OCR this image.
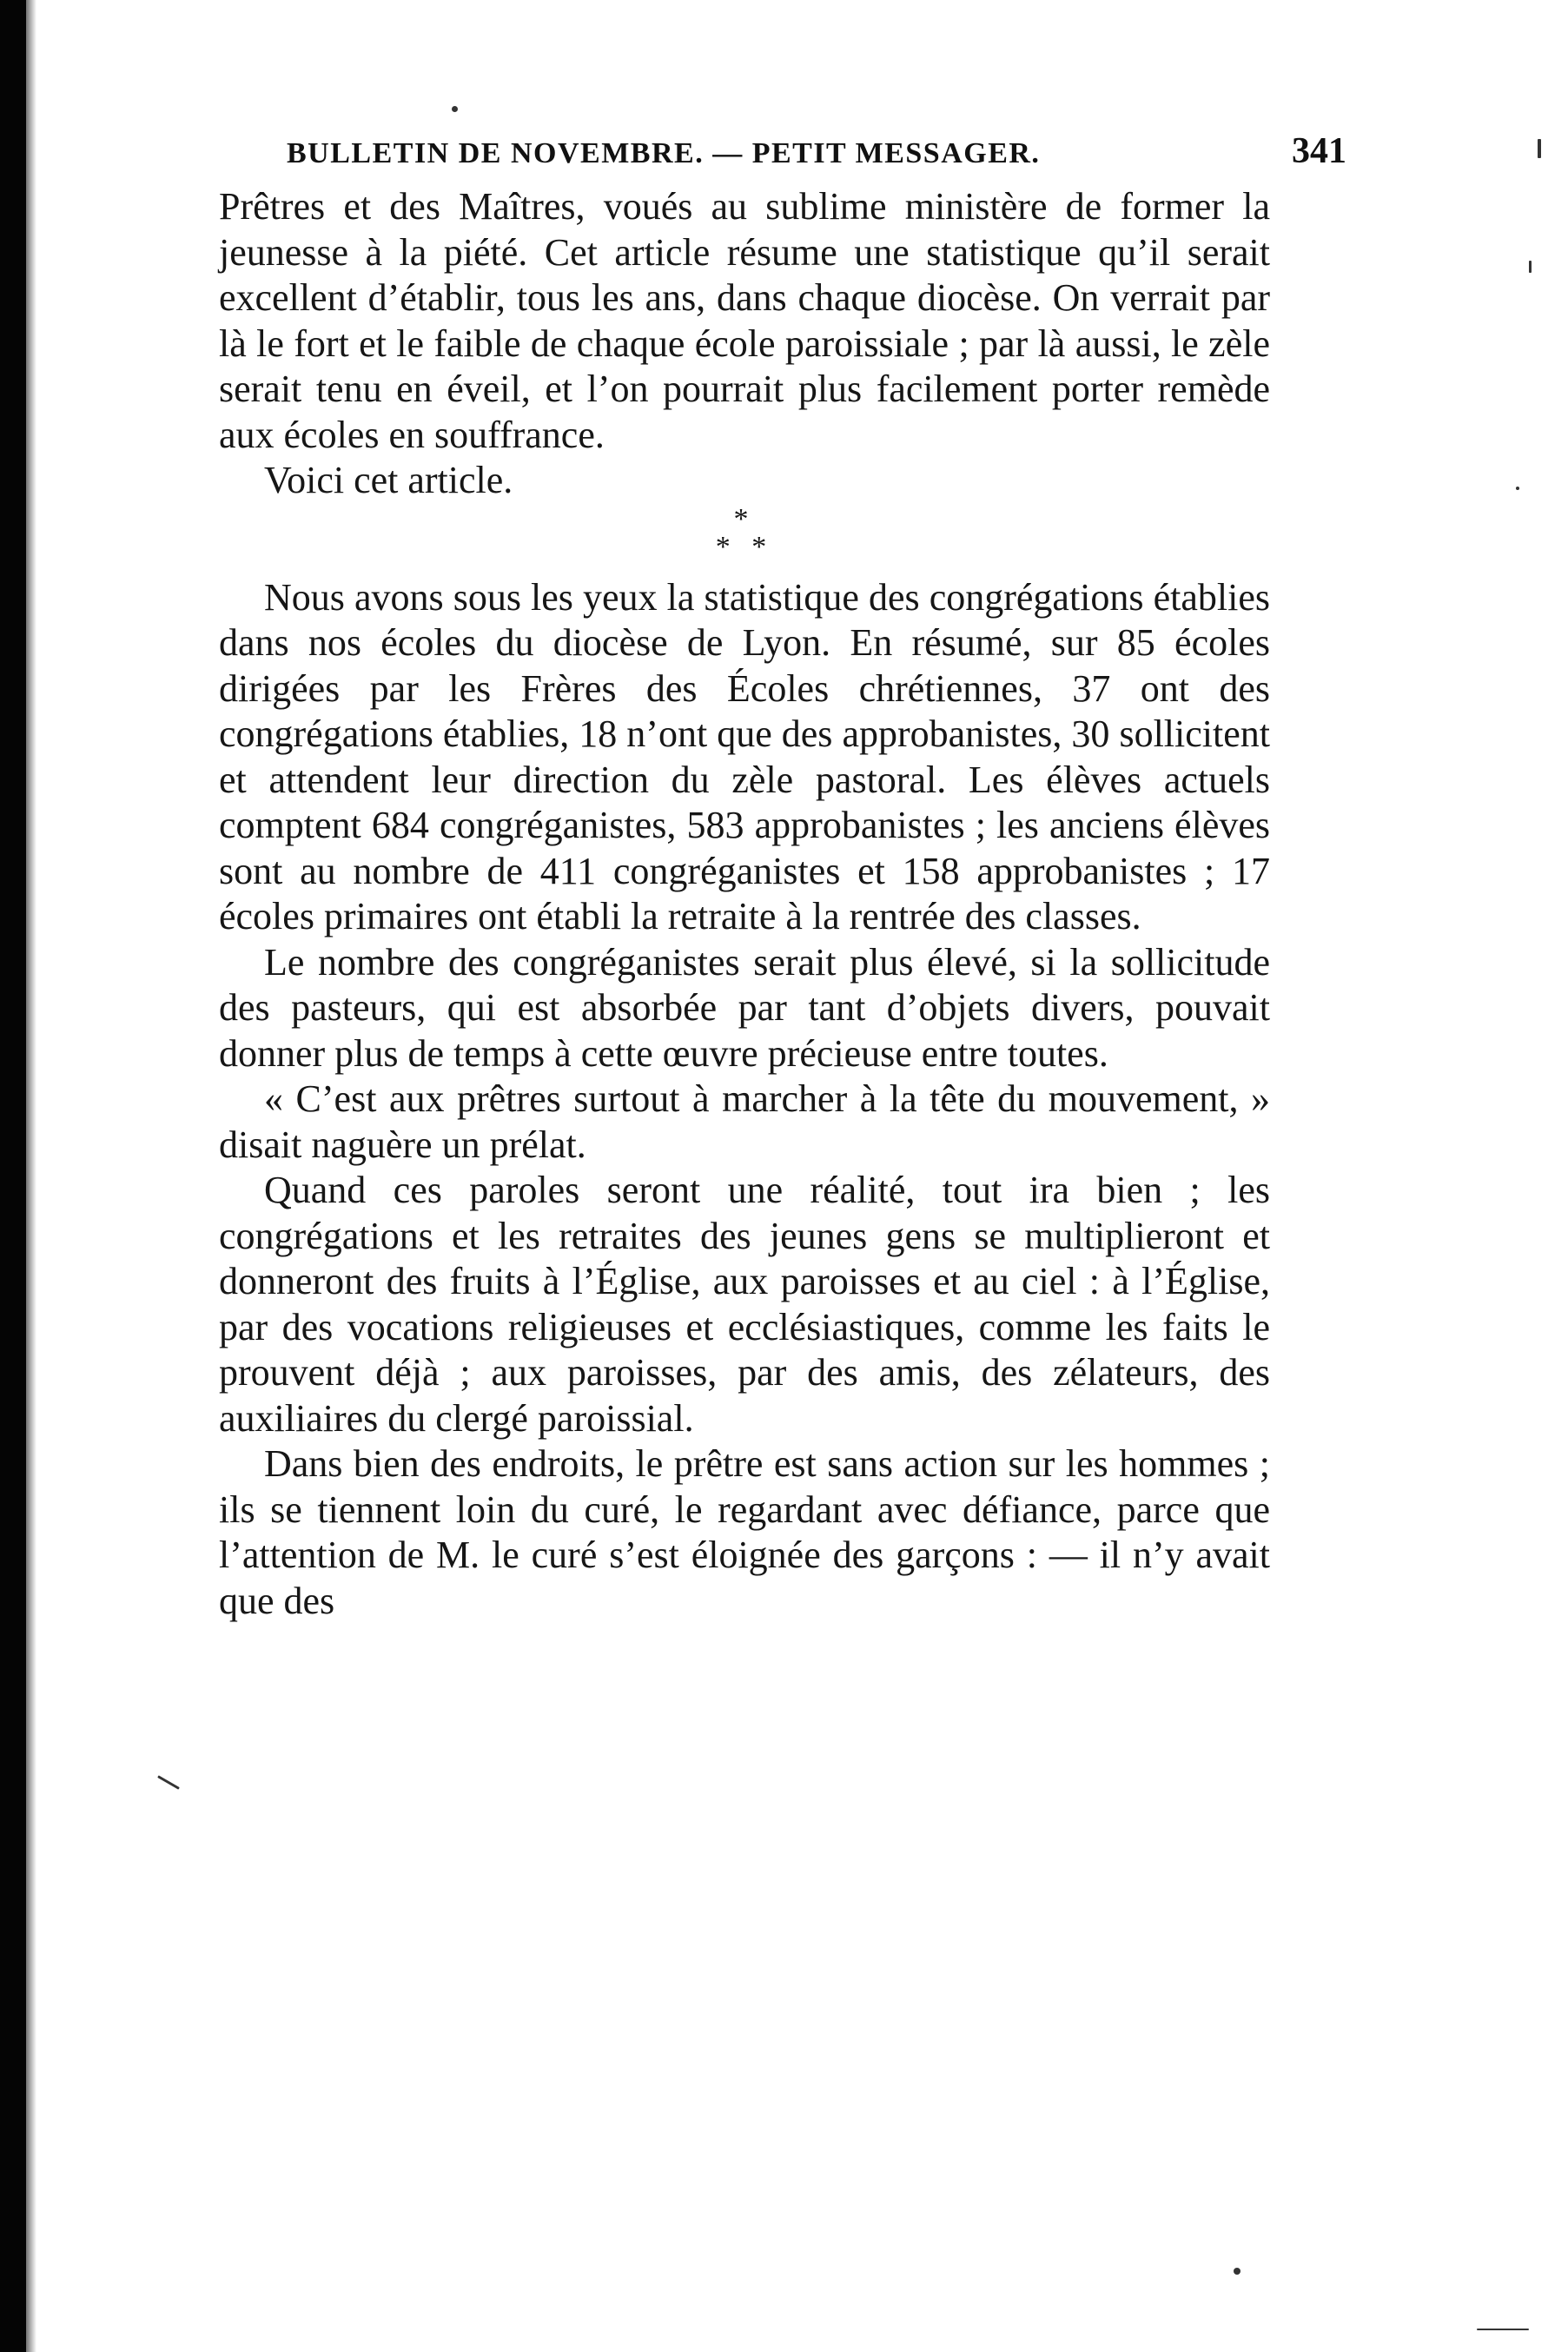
BULLETIN DE NOVEMBRE. — PETIT MESSAGER.	341

Prêtres et des Maîtres, voués au sublime ministère de former la jeunesse à la piété. Cet article résume une statistique qu’il serait excellent d’établir, tous les ans, dans chaque diocèse. On verrait par là le fort et le faible de chaque école paroissiale ; par là aussi, le zèle serait tenu en éveil, et l’on pourrait plus facilement porter remède aux écoles en souffrance.

Voici cet article.

*
* *

Nous avons sous les yeux la statistique des congrégations établies dans nos écoles du diocèse de Lyon. En résumé, sur 85 écoles dirigées par les Frères des Écoles chrétiennes, 37 ont des congrégations établies, 18 n’ont que des approbanistes, 30 sollicitent et attendent leur direction du zèle pastoral. Les élèves actuels comptent 684 congréganistes, 583 approbanistes ; les anciens élèves sont au nombre de 411 congréganistes et 158 approbanistes ; 17 écoles primaires ont établi la retraite à la rentrée des classes.

Le nombre des congréganistes serait plus élevé, si la sollicitude des pasteurs, qui est absorbée par tant d’objets divers, pouvait donner plus de temps à cette œuvre précieuse entre toutes.

« C’est aux prêtres surtout à marcher à la tête du mouvement, » disait naguère un prélat.

Quand ces paroles seront une réalité, tout ira bien ; les congrégations et les retraites des jeunes gens se multiplieront et donneront des fruits à l’Église, aux paroisses et au ciel : à l’Église, par des vocations religieuses et ecclésiastiques, comme les faits le prouvent déjà ; aux paroisses, par des amis, des zélateurs, des auxiliaires du clergé paroissial.

Dans bien des endroits, le prêtre est sans action sur les hommes ; ils se tiennent loin du curé, le regardant avec défiance, parce que l’attention de M. le curé s’est éloignée des garçons : — il n’y avait que des
